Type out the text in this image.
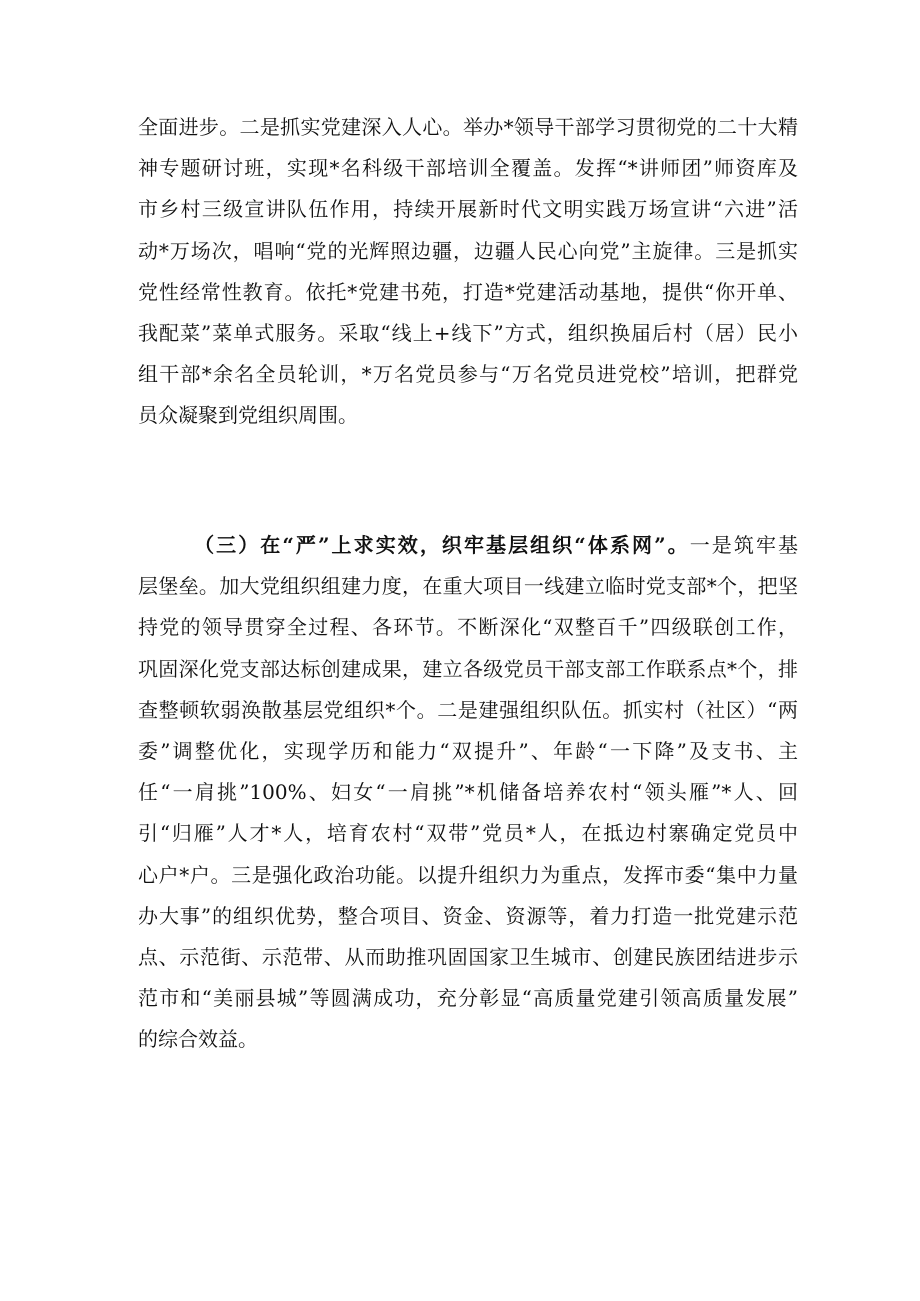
全面进步。二是抓实党建深入人心。举办*领导干部学习贯彻党的二十大精
神专题研讨班，实现*名科级干部培训全覆盖。发挥“*讲师团”师资库及
市乡村三级宣讲队伍作用，持续开展新时代文明实践万场宣讲“六进”活
动*万场次，唱响“党的光辉照边疆，边疆人民心向党”主旋律。三是抓实
党性经常性教育。依托*党建书苑，打造*党建活动基地，提供“你开单、
我配菜”菜单式服务。采取“线上+线下”方式，组织换届后村（居）民小
组干部*余名全员轮训，*万名党员参与“万名党员进党校”培训，把群党
员众凝聚到党组织周围。
（三）在“严”上求实效，织牢基层组织“体系网”。一是筑牢基
层堡垒。加大党组织组建力度，在重大项目一线建立临时党支部*个，把坚
持党的领导贯穿全过程、各环节。不断深化“双整百千”四级联创工作，
巩固深化党支部达标创建成果，建立各级党员干部支部工作联系点*个，排
查整顿软弱涣散基层党组织*个。二是建强组织队伍。抓实村（社区）“两
委”调整优化，实现学历和能力“双提升”、年龄“一下降”及支书、主
任“一肩挑”100%、妇女“一肩挑”*机储备培养农村“领头雁”*人、回
引“归雁”人才*人，培育农村“双带”党员*人，在抵边村寨确定党员中
心户*户。三是强化政治功能。以提升组织力为重点，发挥市委“集中力量
办大事”的组织优势，整合项目、资金、资源等，着力打造一批党建示范
点、示范街、示范带、从而助推巩固国家卫生城市、创建民族团结进步示
范市和“美丽县城”等圆满成功，充分彰显“高质量党建引领高质量发展”
的综合效益。
